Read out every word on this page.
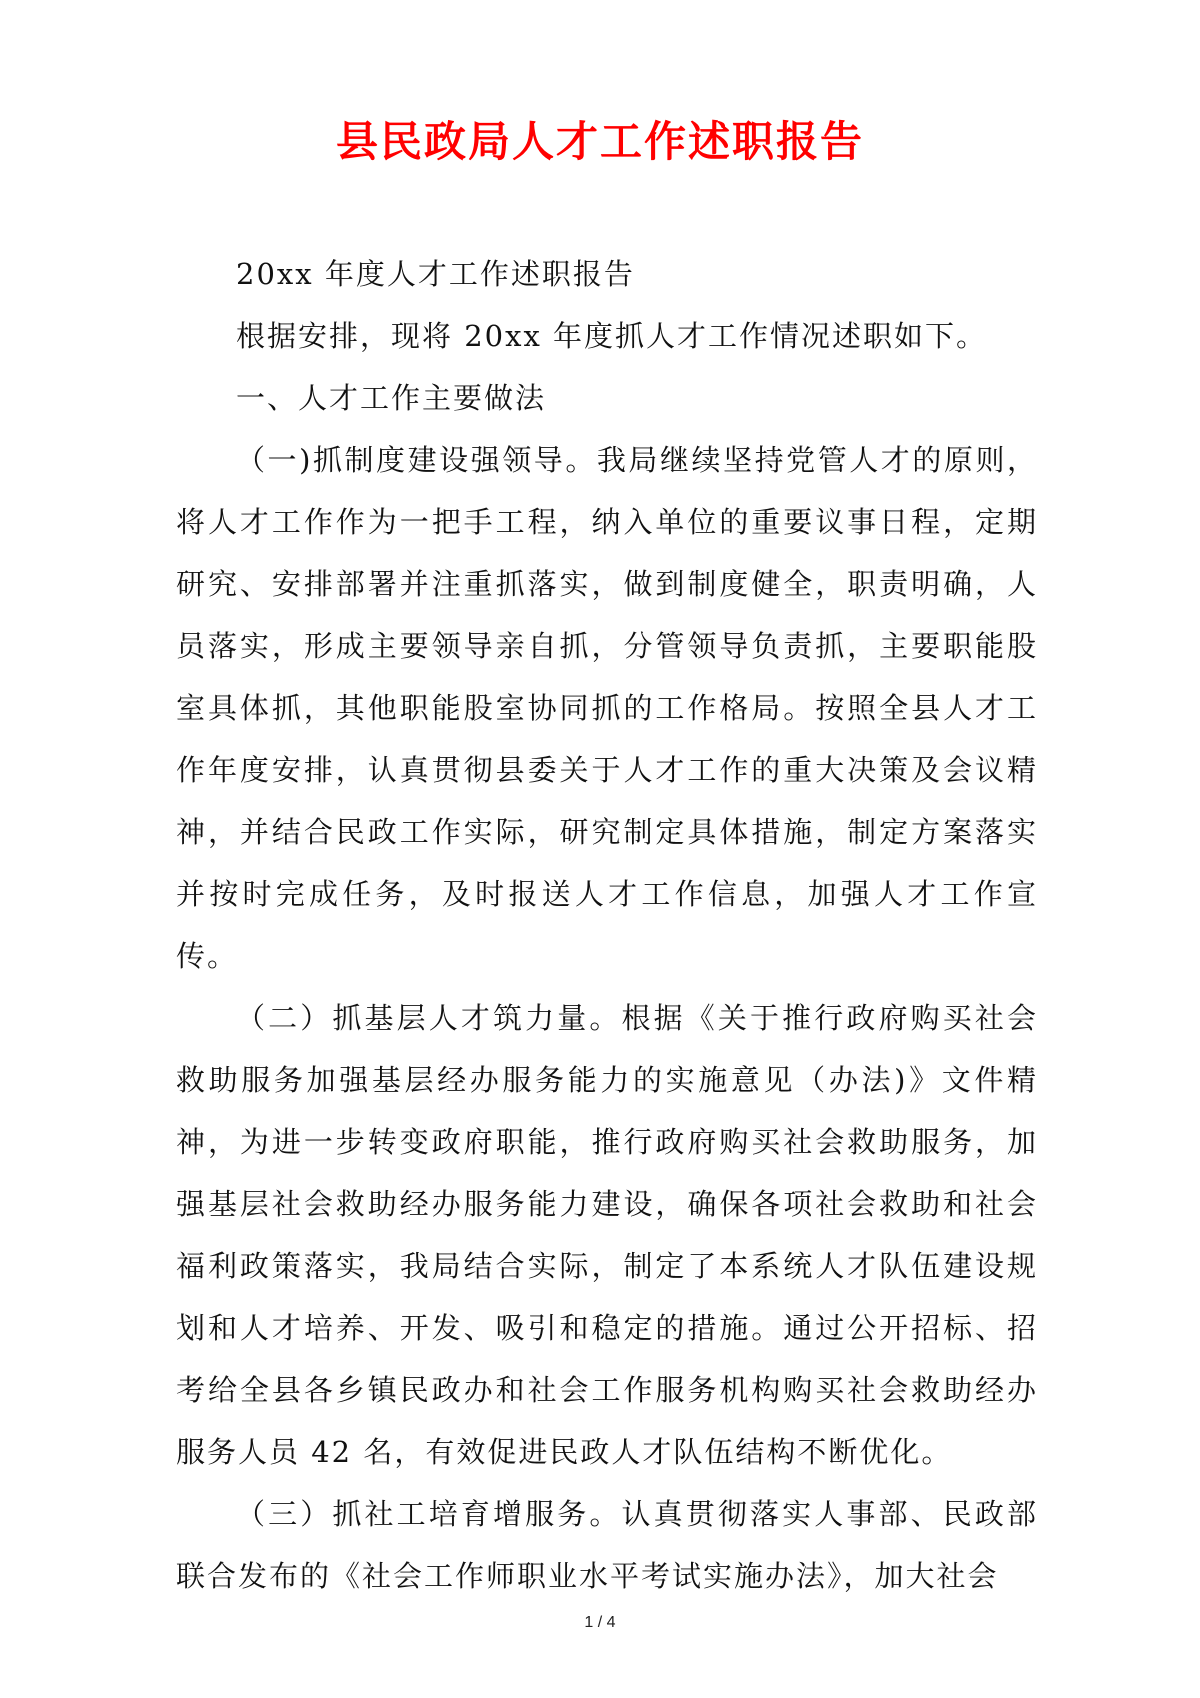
县民政局人才工作述职报告

20xx 年度人才工作述职报告

根据安排，现将 20xx 年度抓人才工作情况述职如下。

一、人才工作主要做法

（一)抓制度建设强领导。我局继续坚持党管人才的原则，将人才工作作为一把手工程，纳入单位的重要议事日程，定期研究、安排部署并注重抓落实，做到制度健全，职责明确，人员落实，形成主要领导亲自抓，分管领导负责抓，主要职能股室具体抓，其他职能股室协同抓的工作格局。按照全县人才工作年度安排，认真贯彻县委关于人才工作的重大决策及会议精神，并结合民政工作实际，研究制定具体措施，制定方案落实并按时完成任务，及时报送人才工作信息，加强人才工作宣传。

（二）抓基层人才筑力量。根据《关于推行政府购买社会救助服务加强基层经办服务能力的实施意见（办法)》文件精神，为进一步转变政府职能，推行政府购买社会救助服务，加强基层社会救助经办服务能力建设，确保各项社会救助和社会福利政策落实，我局结合实际，制定了本系统人才队伍建设规划和人才培养、开发、吸引和稳定的措施。通过公开招标、招考给全县各乡镇民政办和社会工作服务机构购买社会救助经办服务人员 42 名，有效促进民政人才队伍结构不断优化。

（三）抓社工培育增服务。认真贯彻落实人事部、民政部联合发布的《社会工作师职业水平考试实施办法》，加大社会

1 / 4
